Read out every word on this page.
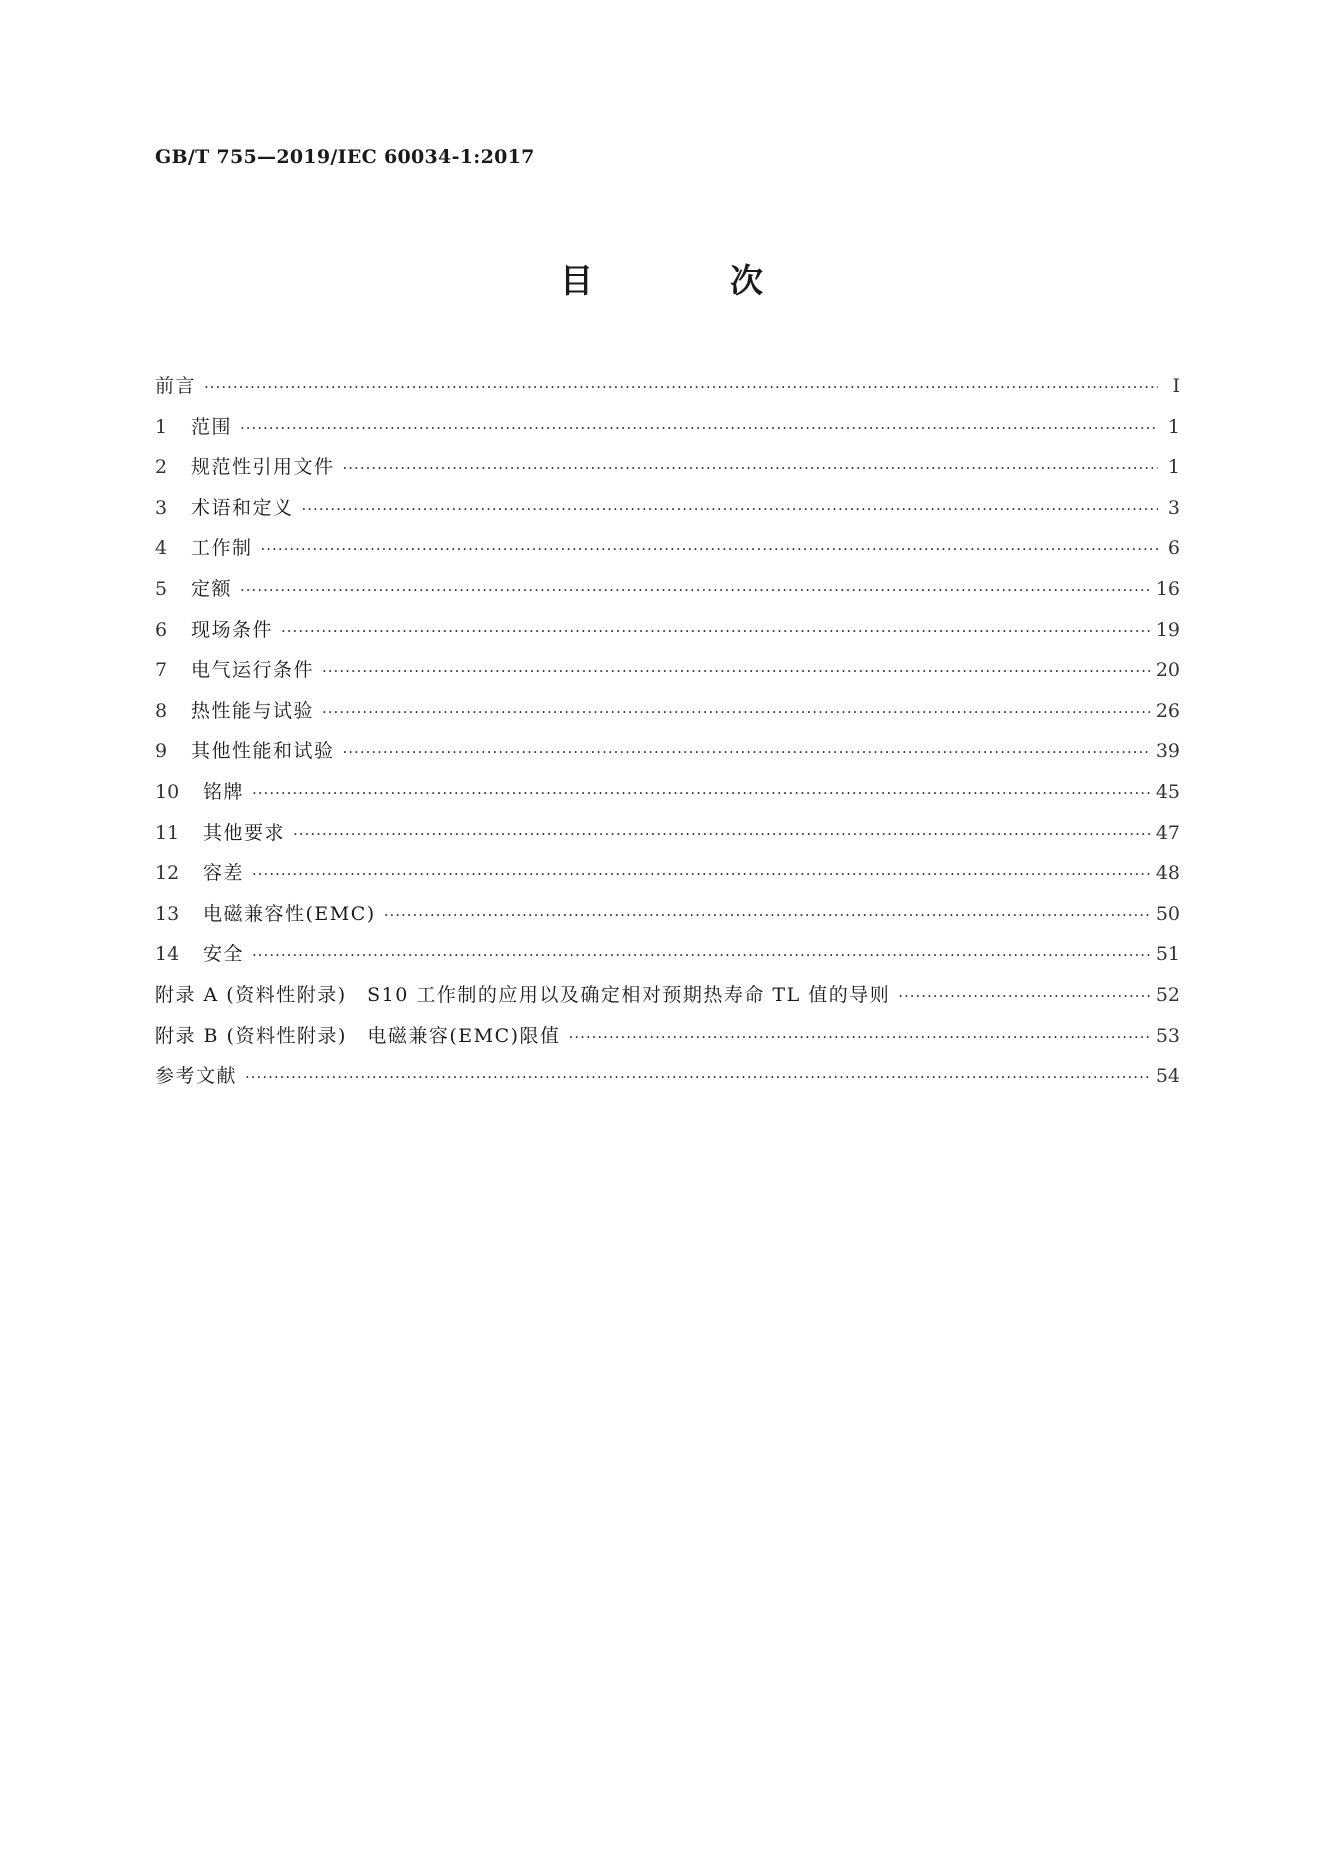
GB/T 755—2019/IEC 60034-1:2017
目　次
前言 ·····	Ⅰ
1	范围 ·····	1
2	规范性引用文件 ·····	1
3	术语和定义 ·····	3
4	工作制 ·····	6
5	定额 ·····	16
6	现场条件 ·····	19
7	电气运行条件 ·····	20
8	热性能与试验 ·····	26
9	其他性能和试验 ·····	39
10	铭牌 ·····	45
11	其他要求 ·····	47
12	容差 ·····	48
13	电磁兼容性(EMC) ·····	50
14	安全 ·····	51
附录 A (资料性附录)　S10 工作制的应用以及确定相对预期热寿命 TL 值的导则 ·····	52
附录 B (资料性附录)　电磁兼容(EMC)限值 ·····	53
参考文献 ·····	54
